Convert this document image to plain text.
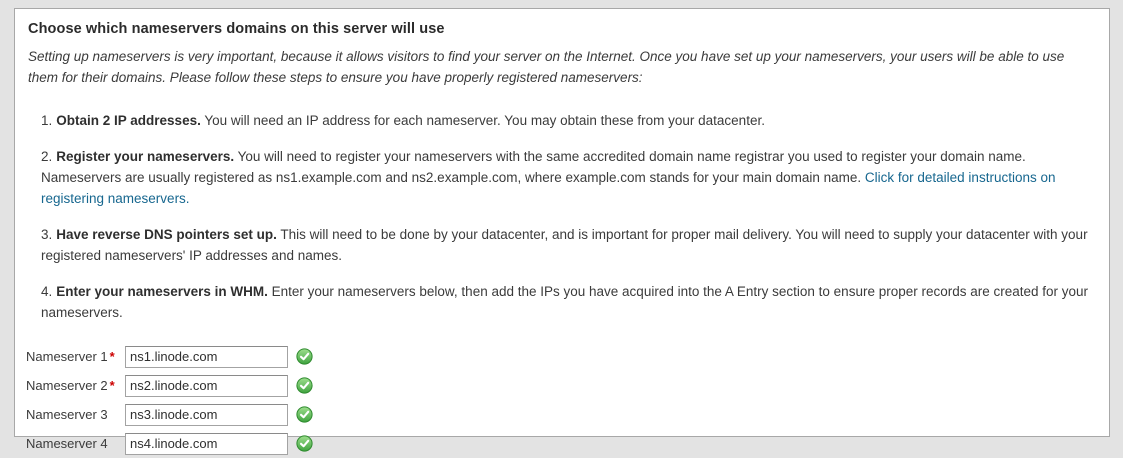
Choose which nameservers domains on this server will use
Setting up nameservers is very important, because it allows visitors to find your server on the Internet. Once you have set up your nameservers, your users will be able to use them for their domains. Please follow these steps to ensure you have properly registered nameservers:

1. Obtain 2 IP addresses. You will need an IP address for each nameserver. You may obtain these from your datacenter.

2. Register your nameservers. You will need to register your nameservers with the same accredited domain name registrar you used to register your domain name. Nameservers are usually registered as ns1.example.com and ns2.example.com, where example.com stands for your main domain name. Click for detailed instructions on registering nameservers.

3. Have reverse DNS pointers set up. This will need to be done by your datacenter, and is important for proper mail delivery. You will need to supply your datacenter with your registered nameservers' IP addresses and names.

4. Enter your nameservers in WHM. Enter your nameservers below, then add the IPs you have acquired into the A Entry section to ensure proper records are created for your nameservers.

Nameserver 1 *
ns1.linode.com
Nameserver 2 *
ns2.linode.com
Nameserver 3
ns3.linode.com
Nameserver 4
ns4.linode.com
